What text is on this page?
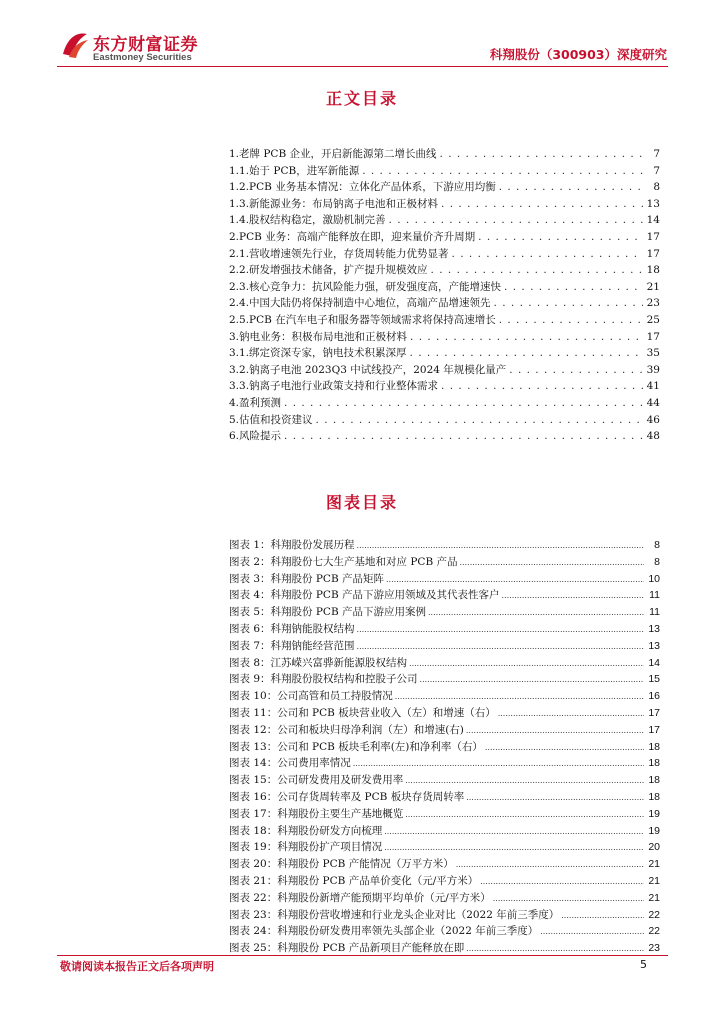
东方财富证券
Eastmoney Securities	科翔股份（300903）深度研究
正文目录
1.老牌 PCB 企业，开启新能源第二增长曲线 . . .	7
1.1.始于 PCB，进军新能源 . . .	7
1.2.PCB 业务基本情况：立体化产品体系，下游应用均衡 . . .	8
1.3.新能源业务：布局钠离子电池和正极材料 . . .	13
1.4.股权结构稳定，激励机制完善 . . .	14
2.PCB 业务：高端产能释放在即，迎来量价齐升周期 . . .	17
2.1.营收增速领先行业，存货周转能力优势显著 . . .	17
2.2.研发增强技术储备，扩产提升规模效应 . . .	18
2.3.核心竞争力：抗风险能力强，研发强度高，产能增速快 . . .	21
2.4.中国大陆仍将保持制造中心地位，高端产品增速领先 . . .	23
2.5.PCB 在汽车电子和服务器等领域需求将保持高速增长 . . .	25
3.钠电业务：积极布局电池和正极材料 . . .	17
3.1.绑定资深专家，钠电技术积累深厚 . . .	35
3.2.钠离子电池 2023Q3 中试线投产，2024 年规模化量产 . . .	39
3.3.钠离子电池行业政策支持和行业整体需求 . . .	41
4.盈利预测 . . .	44
5.估值和投资建议 . . .	46
6.风险提示 . . .	48
图表目录
图表 1：科翔股份发展历程 .....	8
图表 2：科翔股份七大生产基地和对应 PCB 产品 .....	8
图表 3：科翔股份 PCB 产品矩阵 .....	10
图表 4：科翔股份 PCB 产品下游应用领域及其代表性客户 .....	11
图表 5：科翔股份 PCB 产品下游应用案例 .....	11
图表 6：科翔钠能股权结构 .....	13
图表 7：科翔钠能经营范围 .....	13
图表 8：江苏嵘兴富骅新能源股权结构 .....	14
图表 9：科翔股份股权结构和控股子公司 .....	15
图表 10：公司高管和员工持股情况 .....	16
图表 11：公司和 PCB 板块营业收入（左）和增速（右） .....	17
图表 12：公司和板块归母净利润（左）和增速(右) .....	17
图表 13：公司和 PCB 板块毛利率(左)和净利率（右） .....	18
图表 14：公司费用率情况 .....	18
图表 15：公司研发费用及研发费用率 .....	18
图表 16：公司存货周转率及 PCB 板块存货周转率 .....	18
图表 17：科翔股份主要生产基地概览 .....	19
图表 18：科翔股份研发方向梳理 .....	19
图表 19：科翔股份扩产项目情况 .....	20
图表 20：科翔股份 PCB 产能情况（万平方米） .....	21
图表 21：科翔股份 PCB 产品单价变化（元/平方米） .....	21
图表 22：科翔股份新增产能预期平均单价（元/平方米） .....	21
图表 23：科翔股份营收增速和行业龙头企业对比（2022 年前三季度） .....	22
图表 24：科翔股份研发费用率领先头部企业（2022 年前三季度） .....	22
图表 25：科翔股份 PCB 产品新项目产能释放在即 .....	23
敬请阅读本报告正文后各项声明	5
